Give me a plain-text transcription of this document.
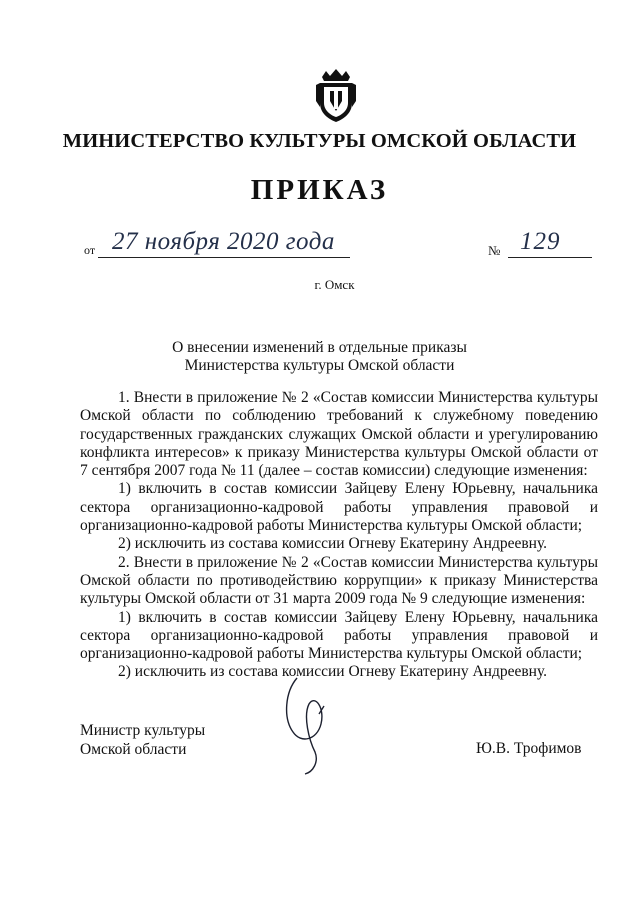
МИНИСТЕРСТВО КУЛЬТУРЫ ОМСКОЙ ОБЛАСТИ
ПРИКАЗ
от 27 ноября 2020 года	№ 129
г. Омск
О внесении изменений в отдельные приказы
Министерства культуры Омской области

1. Внести в приложение № 2 «Состав комиссии Министерства культуры Омской области по соблюдению требований к служебному поведению государственных гражданских служащих Омской области и урегулированию конфликта интересов» к приказу Министерства культуры Омской области от 7 сентября 2007 года № 11 (далее – состав комиссии) следующие изменения:

1) включить в состав комиссии Зайцеву Елену Юрьевну, начальника сектора организационно-кадровой работы управления правовой и организационно-кадровой работы Министерства культуры Омской области;

2) исключить из состава комиссии Огневу Екатерину Андреевну.

2. Внести в приложение № 2 «Состав комиссии Министерства культуры Омской области по противодействию коррупции» к приказу Министерства культуры Омской области от 31 марта 2009 года № 9 следующие изменения:

1) включить в состав комиссии Зайцеву Елену Юрьевну, начальника сектора организационно-кадровой работы управления правовой и организационно-кадровой работы Министерства культуры Омской области;

2) исключить из состава комиссии Огневу Екатерину Андреевну.

Министр культуры
Омской области	Ю.В. Трофимов
